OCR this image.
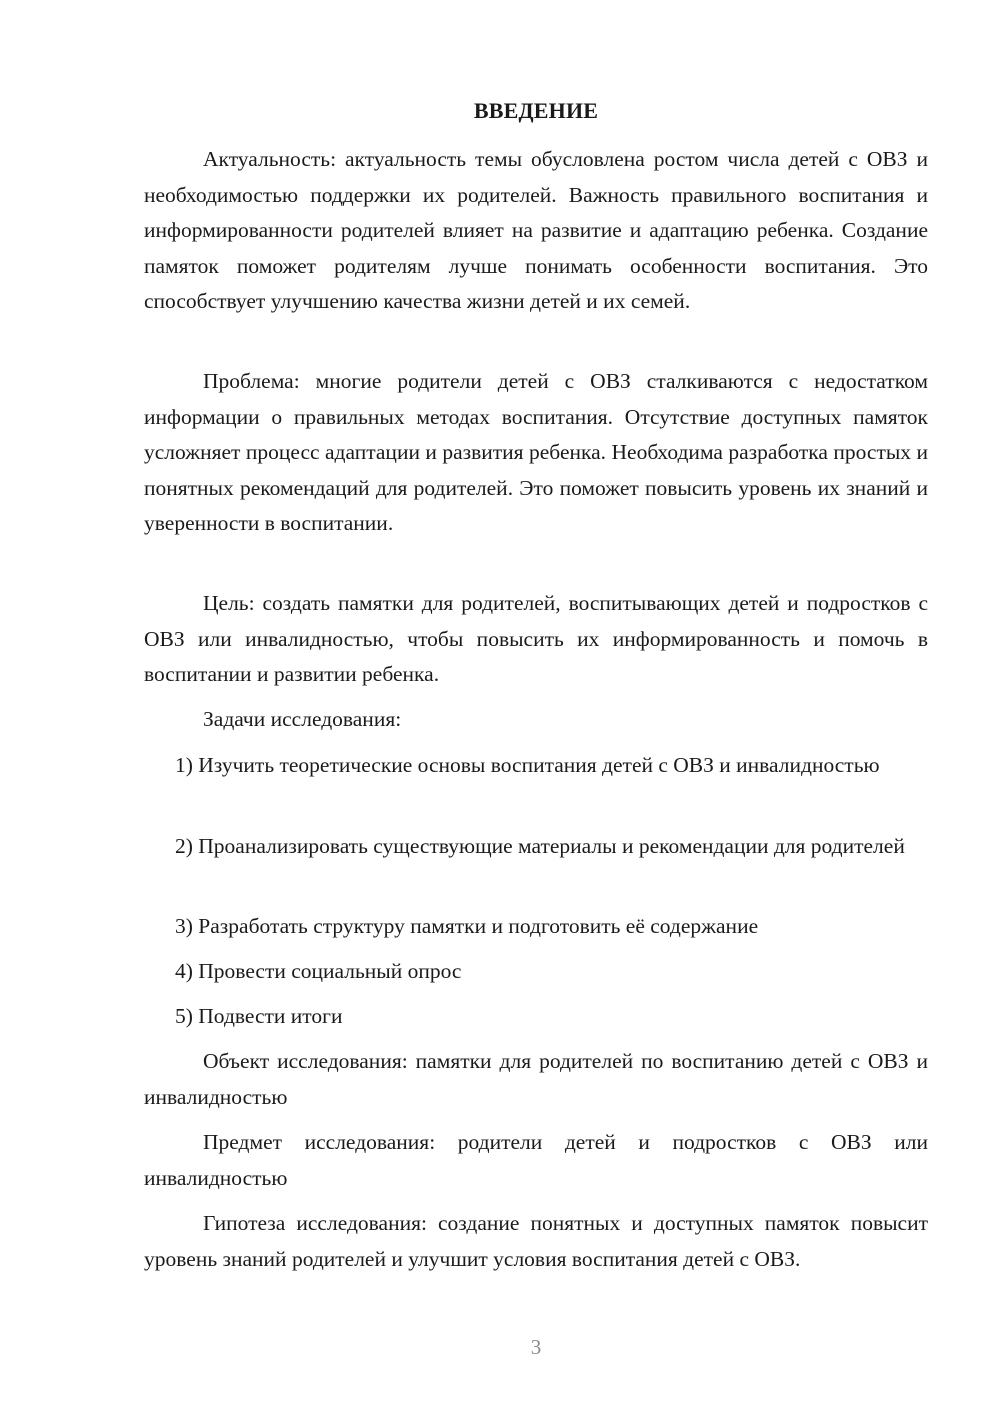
ВВЕДЕНИЕ

Актуальность: актуальность темы обусловлена ростом числа детей с ОВЗ и необходимостью поддержки их родителей. Важность правильного воспитания и информированности родителей влияет на развитие и адаптацию ребенка. Создание памяток поможет родителям лучше понимать особенности воспитания. Это способствует улучшению качества жизни детей и их семей.

Проблема: многие родители детей с ОВЗ сталкиваются с недостатком информации о правильных методах воспитания. Отсутствие доступных памяток усложняет процесс адаптации и развития ребенка. Необходима разработка простых и понятных рекомендаций для родителей. Это поможет повысить уровень их знаний и уверенности в воспитании.

Цель: создать памятки для родителей, воспитывающих детей и подростков с ОВЗ или инвалидностью, чтобы повысить их информированность и помочь в воспитании и развитии ребенка.

Задачи исследования:

1) Изучить теоретические основы воспитания детей с ОВЗ и инвалидностью

2) Проанализировать существующие материалы и рекомендации для родителей

3) Разработать структуру памятки и подготовить её содержание

4) Провести социальный опрос

5) Подвести итоги

Объект исследования: памятки для родителей по воспитанию детей с ОВЗ и инвалидностью

Предмет исследования: родители детей и подростков с ОВЗ или инвалидностью

Гипотеза исследования: создание понятных и доступных памяток повысит уровень знаний родителей и улучшит условия воспитания детей с ОВЗ.

3
